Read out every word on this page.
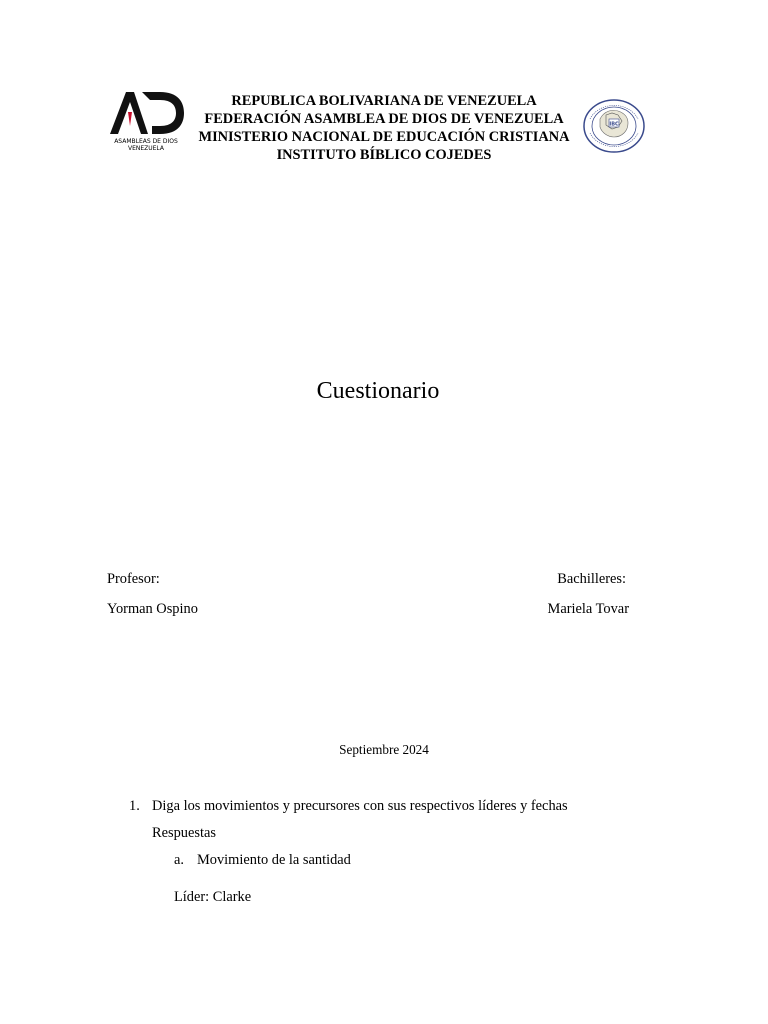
ASAMBLEAS DE DIOS
VENEZUELA
REPUBLICA BOLIVARIANA DE VENEZUELA
FEDERACIÓN ASAMBLEA DE DIOS DE VENEZUELA
MINISTERIO NACIONAL DE EDUCACIÓN CRISTIANA
INSTITUTO BÍBLICO COJEDES
IBC
Cuestionario
Profesor:
Yorman Ospino
Bachilleres:
Mariela Tovar
Septiembre 2024
1. Diga los movimientos y precursores con sus respectivos líderes y fechas
Respuestas
a. Movimiento de la santidad
Líder: Clarke
